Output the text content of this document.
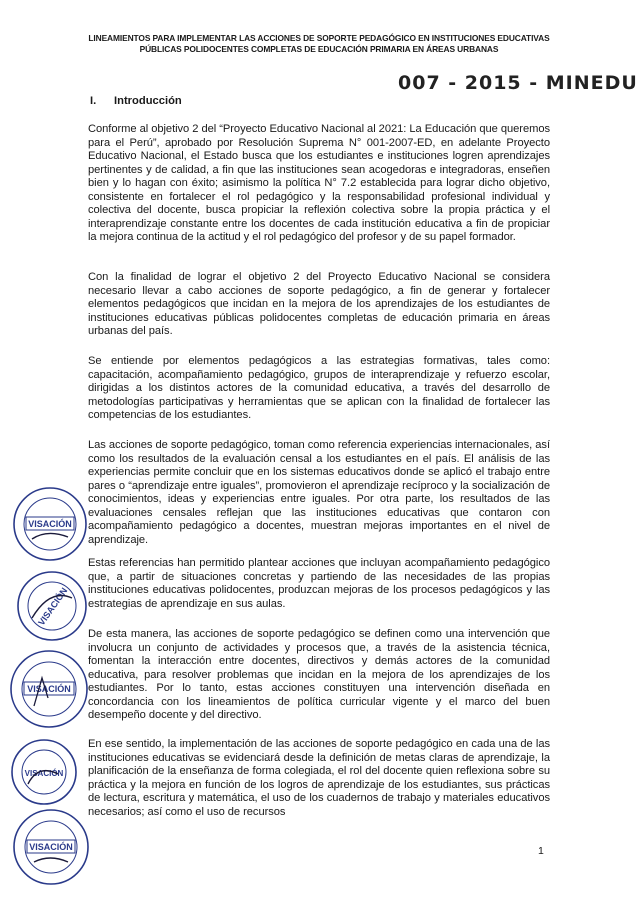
LINEAMIENTOS PARA IMPLEMENTAR LAS ACCIONES DE SOPORTE PEDAGÓGICO EN INSTITUCIONES EDUCATIVAS
PÚBLICAS POLIDOCENTES COMPLETAS DE EDUCACIÓN PRIMARIA EN ÁREAS URBANAS
007 - 2015 - MINEDU
I. Introducción
Conforme al objetivo 2 del “Proyecto Educativo Nacional al 2021: La Educación que queremos para el Perú”, aprobado por Resolución Suprema N° 001-2007-ED, en adelante Proyecto Educativo Nacional, el Estado busca que los estudiantes e instituciones logren aprendizajes pertinentes y de calidad, a fin que las instituciones sean acogedoras e integradoras, enseñen bien y lo hagan con éxito; asimismo la política N° 7.2 establecida para lograr dicho objetivo, consistente en fortalecer el rol pedagógico y la responsabilidad profesional individual y colectiva del docente, busca propiciar la reflexión colectiva sobre la propia práctica y el interaprendizaje constante entre los docentes de cada institución educativa a fin de propiciar la mejora continua de la actitud y el rol pedagógico del profesor y de su papel formador.
Con la finalidad de lograr el objetivo 2 del Proyecto Educativo Nacional se considera necesario llevar a cabo acciones de soporte pedagógico, a fin de generar y fortalecer elementos pedagógicos que incidan en la mejora de los aprendizajes de los estudiantes de instituciones educativas públicas polidocentes completas de educación primaria en áreas urbanas del país.
Se entiende por elementos pedagógicos a las estrategias formativas, tales como: capacitación, acompañamiento pedagógico, grupos de interaprendizaje y refuerzo escolar, dirigidas a los distintos actores de la comunidad educativa, a través del desarrollo de metodologías participativas y herramientas que se aplican con la finalidad de fortalecer las competencias de los estudiantes.
Las acciones de soporte pedagógico, toman como referencia experiencias internacionales, así como los resultados de la evaluación censal a los estudiantes en el país. El análisis de las experiencias permite concluir que en los sistemas educativos donde se aplicó el trabajo entre pares o “aprendizaje entre iguales”, promovieron el aprendizaje recíproco y la socialización de conocimientos, ideas y experiencias entre iguales. Por otra parte, los resultados de las evaluaciones censales reflejan que las instituciones educativas que contaron con acompañamiento pedagógico a docentes, muestran mejoras importantes en el nivel de aprendizaje.
Estas referencias han permitido plantear acciones que incluyan acompañamiento pedagógico que, a partir de situaciones concretas y partiendo de las necesidades de las propias instituciones educativas polidocentes, produzcan mejoras de los procesos pedagógicos y las estrategias de aprendizaje en sus aulas.
De esta manera, las acciones de soporte pedagógico se definen como una intervención que involucra un conjunto de actividades y procesos que, a través de la asistencia técnica, fomentan la interacción entre docentes, directivos y demás actores de la comunidad educativa, para resolver problemas que incidan en la mejora de los aprendizajes de los estudiantes. Por lo tanto, estas acciones constituyen una intervención diseñada en concordancia con los lineamientos de política curricular vigente y el marco del buen desempeño docente y del directivo.
En ese sentido, la implementación de las acciones de soporte pedagógico en cada una de las instituciones educativas se evidenciará desde la definición de metas claras de aprendizaje, la planificación de la enseñanza de forma colegiada, el rol del docente quien reflexiona sobre su práctica y la mejora en función de los logros de aprendizaje de los estudiantes, sus prácticas de lectura, escritura y matemática, el uso de los cuadernos de trabajo y materiales educativos necesarios; así como el uso de recursos
VISACIÓN
VISACIÓN
VISACIÓN
VISACIÓN
VISACIÓN	1
